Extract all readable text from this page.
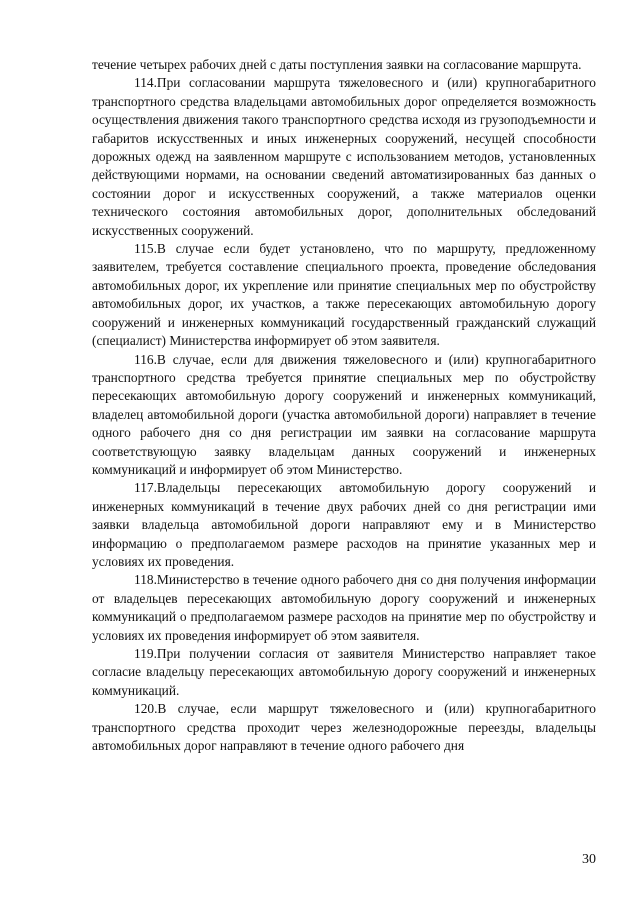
течение четырех рабочих дней с даты поступления заявки на согласование маршрута.

114.При согласовании маршрута тяжеловесного и (или) крупногабаритного транспортного средства владельцами автомобильных дорог определяется возможность осуществления движения такого транспортного средства исходя из грузоподъемности и габаритов искусственных и иных инженерных сооружений, несущей способности дорожных одежд на заявленном маршруте с использованием методов, установленных действующими нормами, на основании сведений автоматизированных баз данных о состоянии дорог и искусственных сооружений, а также материалов оценки технического состояния автомобильных дорог, дополнительных обследований искусственных сооружений.

115.В случае если будет установлено, что по маршруту, предложенному заявителем, требуется составление специального проекта, проведение обследования автомобильных дорог, их укрепление или принятие специальных мер по обустройству автомобильных дорог, их участков, а также пересекающих автомобильную дорогу сооружений и инженерных коммуникаций государственный гражданский служащий (специалист) Министерства информирует об этом заявителя.

116.В случае, если для движения тяжеловесного и (или) крупногабаритного транспортного средства требуется принятие специальных мер по обустройству пересекающих автомобильную дорогу сооружений и инженерных коммуникаций, владелец автомобильной дороги (участка автомобильной дороги) направляет в течение одного рабочего дня со дня регистрации им заявки на согласование маршрута соответствующую заявку владельцам данных сооружений и инженерных коммуникаций и информирует об этом Министерство.

117.Владельцы пересекающих автомобильную дорогу сооружений и инженерных коммуникаций в течение двух рабочих дней со дня регистрации ими заявки владельца автомобильной дороги направляют ему и в Министерство информацию о предполагаемом размере расходов на принятие указанных мер и условиях их проведения.

118.Министерство в течение одного рабочего дня со дня получения информации от владельцев пересекающих автомобильную дорогу сооружений и инженерных коммуникаций о предполагаемом размере расходов на принятие мер по обустройству и условиях их проведения информирует об этом заявителя.

119.При получении согласия от заявителя Министерство направляет такое согласие владельцу пересекающих автомобильную дорогу сооружений и инженерных коммуникаций.

120.В случае, если маршрут тяжеловесного и (или) крупногабаритного транспортного средства проходит через железнодорожные переезды, владельцы автомобильных дорог направляют в течение одного рабочего дня

30
